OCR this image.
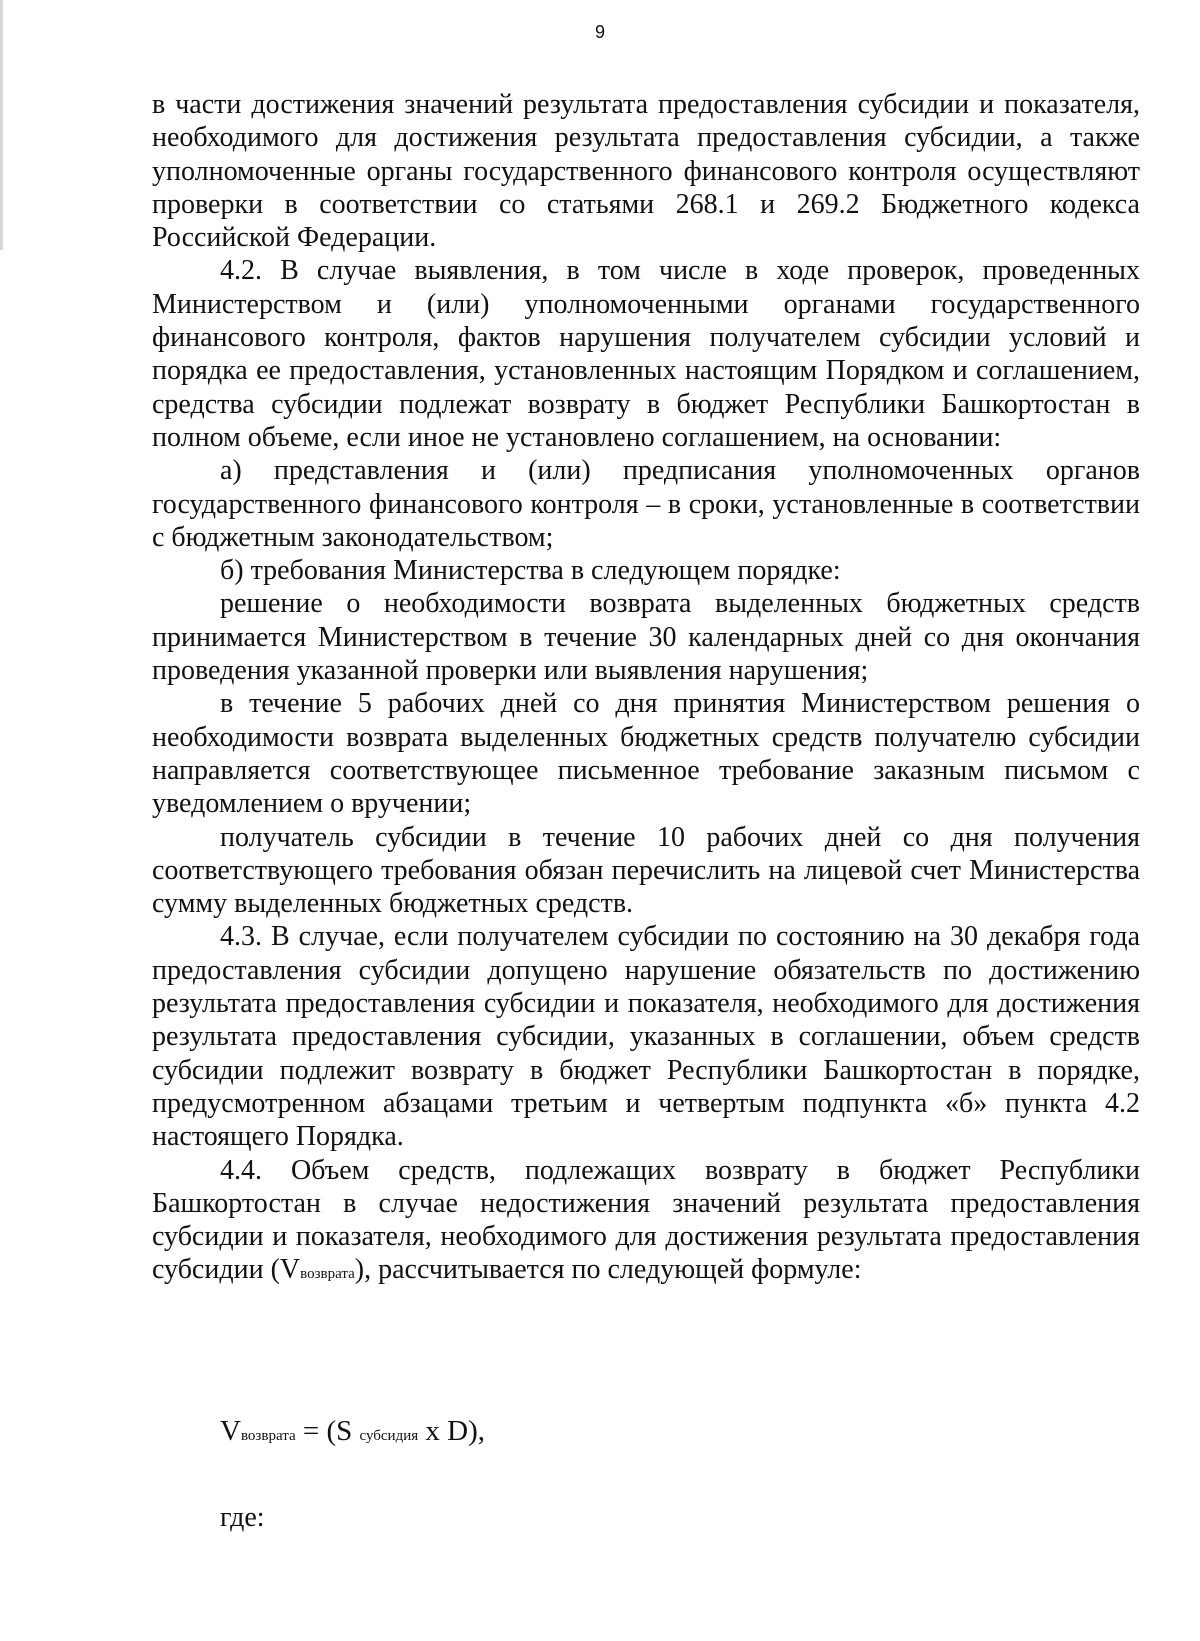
9

в части достижения значений результата предоставления субсидии и показателя, необходимого для достижения результата предоставления субсидии, а также уполномоченные органы государственного финансового контроля осуществляют проверки в соответствии со статьями 268.1 и 269.2 Бюджетного кодекса Российской Федерации.

4.2. В случае выявления, в том числе в ходе проверок, проведенных Министерством и (или) уполномоченными органами государственного финансового контроля, фактов нарушения получателем субсидии условий и порядка ее предоставления, установленных настоящим Порядком и соглашением, средства субсидии подлежат возврату в бюджет Республики Башкортостан в полном объеме, если иное не установлено соглашением, на основании:

а) представления и (или) предписания уполномоченных органов государственного финансового контроля – в сроки, установленные в соответствии с бюджетным законодательством;

б) требования Министерства в следующем порядке:

решение о необходимости возврата выделенных бюджетных средств принимается Министерством в течение 30 календарных дней со дня окончания проведения указанной проверки или выявления нарушения;

в течение 5 рабочих дней со дня принятия Министерством решения о необходимости возврата выделенных бюджетных средств получателю субсидии направляется соответствующее письменное требование заказным письмом с уведомлением о вручении;

получатель субсидии в течение 10 рабочих дней со дня получения соответствующего требования обязан перечислить на лицевой счет Министерства сумму выделенных бюджетных средств.

4.3. В случае, если получателем субсидии по состоянию на 30 декабря года предоставления субсидии допущено нарушение обязательств по достижению результата предоставления субсидии и показателя, необходимого для достижения результата предоставления субсидии, указанных в соглашении, объем средств субсидии подлежит возврату в бюджет Республики Башкортостан в порядке, предусмотренном абзацами третьим и четвертым подпункта «б» пункта 4.2 настоящего Порядка.

4.4. Объем средств, подлежащих возврату в бюджет Республики Башкортостан в случае недостижения значений результата предоставления субсидии и показателя, необходимого для достижения результата предоставления субсидии (Vвозврата), рассчитывается по следующей формуле:

Vвозврата = (S субсидия x D),
где:
